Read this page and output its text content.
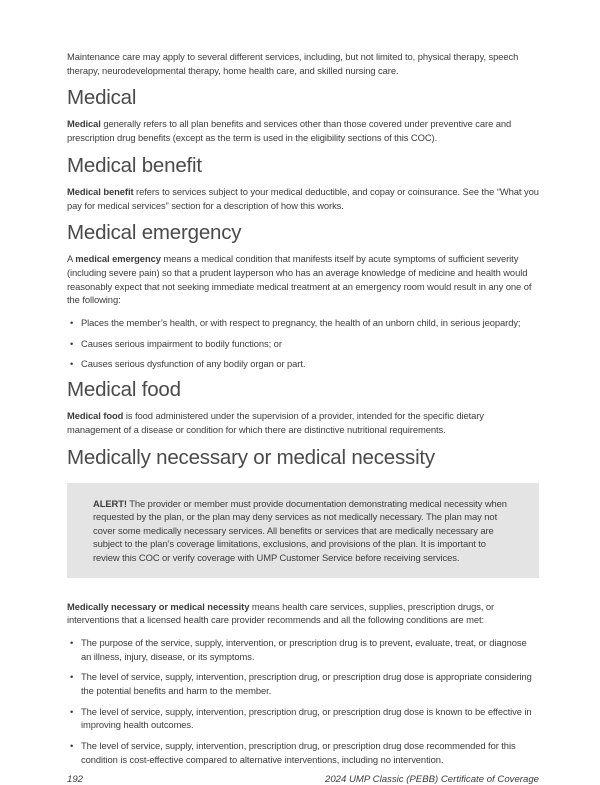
Maintenance care may apply to several different services, including, but not limited to, physical therapy, speech therapy, neurodevelopmental therapy, home health care, and skilled nursing care.

Medical

Medical generally refers to all plan benefits and services other than those covered under preventive care and prescription drug benefits (except as the term is used in the eligibility sections of this COC).

Medical benefit

Medical benefit refers to services subject to your medical deductible, and copay or coinsurance. See the “What you pay for medical services” section for a description of how this works.

Medical emergency

A medical emergency means a medical condition that manifests itself by acute symptoms of sufficient severity (including severe pain) so that a prudent layperson who has an average knowledge of medicine and health would reasonably expect that not seeking immediate medical treatment at an emergency room would result in any one of the following:

• Places the member’s health, or with respect to pregnancy, the health of an unborn child, in serious jeopardy;
• Causes serious impairment to bodily functions; or
• Causes serious dysfunction of any bodily organ or part.
Medical food

Medical food is food administered under the supervision of a provider, intended for the specific dietary management of a disease or condition for which there are distinctive nutritional requirements.

Medically necessary or medical necessity

ALERT! The provider or member must provide documentation demonstrating medical necessity when requested by the plan, or the plan may deny services as not medically necessary. The plan may not cover some medically necessary services. All benefits or services that are medically necessary are subject to the plan’s coverage limitations, exclusions, and provisions of the plan. It is important to review this COC or verify coverage with UMP Customer Service before receiving services.

Medically necessary or medical necessity means health care services, supplies, prescription drugs, or interventions that a licensed health care provider recommends and all the following conditions are met:

• The purpose of the service, supply, intervention, or prescription drug is to prevent, evaluate, treat, or diagnose an illness, injury, disease, or its symptoms.
• The level of service, supply, intervention, prescription drug, or prescription drug dose is appropriate considering the potential benefits and harm to the member.
• The level of service, supply, intervention, prescription drug, or prescription drug dose is known to be effective in improving health outcomes.
• The level of service, supply, intervention, prescription drug, or prescription drug dose recommended for this condition is cost-effective compared to alternative interventions, including no intervention.
192	2024 UMP Classic (PEBB) Certificate of Coverage
